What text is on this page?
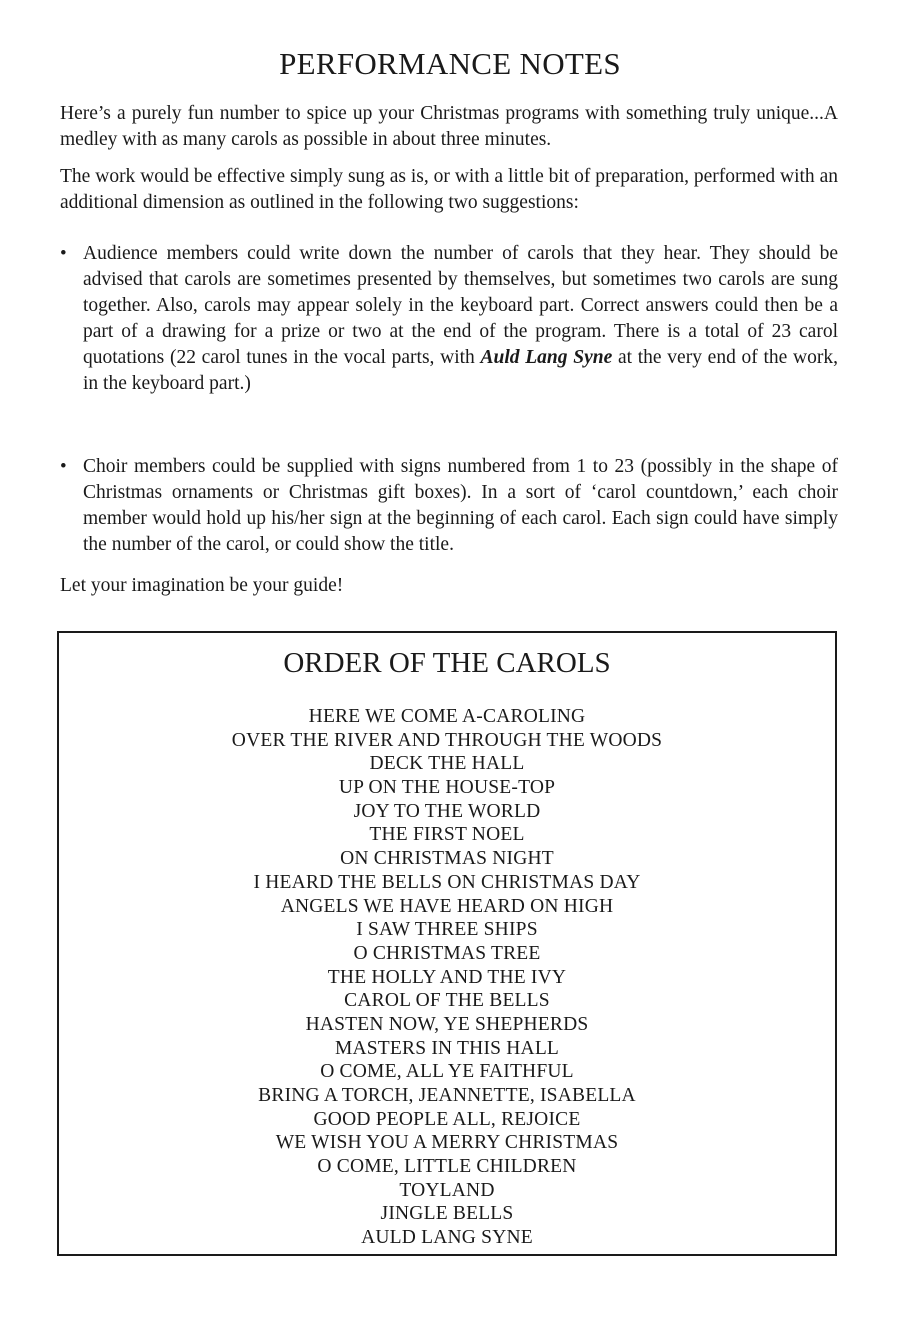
PERFORMANCE NOTES

Here’s a purely fun number to spice up your Christmas programs with something truly unique...A medley with as many carols as possible in about three minutes.

The work would be effective simply sung as is, or with a little bit of preparation, performed with an additional dimension as outlined in the following two suggestions:

• Audience members could write down the number of carols that they hear. They should be advised that carols are sometimes presented by themselves, but sometimes two carols are sung together. Also, carols may appear solely in the keyboard part. Correct answers could then be a part of a drawing for a prize or two at the end of the program. There is a total of 23 carol quotations (22 carol tunes in the vocal parts, with Auld Lang Syne at the very end of the work, in the keyboard part.)
• Choir members could be supplied with signs numbered from 1 to 23 (possibly in the shape of Christmas ornaments or Christmas gift boxes). In a sort of ‘carol countdown,’ each choir member would hold up his/her sign at the beginning of each carol. Each sign could have simply the number of the carol, or could show the title.

Let your imagination be your guide!

ORDER OF THE CAROLS
HERE WE COME A-CAROLING
OVER THE RIVER AND THROUGH THE WOODS
DECK THE HALL
UP ON THE HOUSE-TOP
JOY TO THE WORLD
THE FIRST NOEL
ON CHRISTMAS NIGHT
I HEARD THE BELLS ON CHRISTMAS DAY
ANGELS WE HAVE HEARD ON HIGH
I SAW THREE SHIPS
O CHRISTMAS TREE
THE HOLLY AND THE IVY
CAROL OF THE BELLS
HASTEN NOW, YE SHEPHERDS
MASTERS IN THIS HALL
O COME, ALL YE FAITHFUL
BRING A TORCH, JEANNETTE, ISABELLA
GOOD PEOPLE ALL, REJOICE
WE WISH YOU A MERRY CHRISTMAS
O COME, LITTLE CHILDREN
TOYLAND
JINGLE BELLS
AULD LANG SYNE
